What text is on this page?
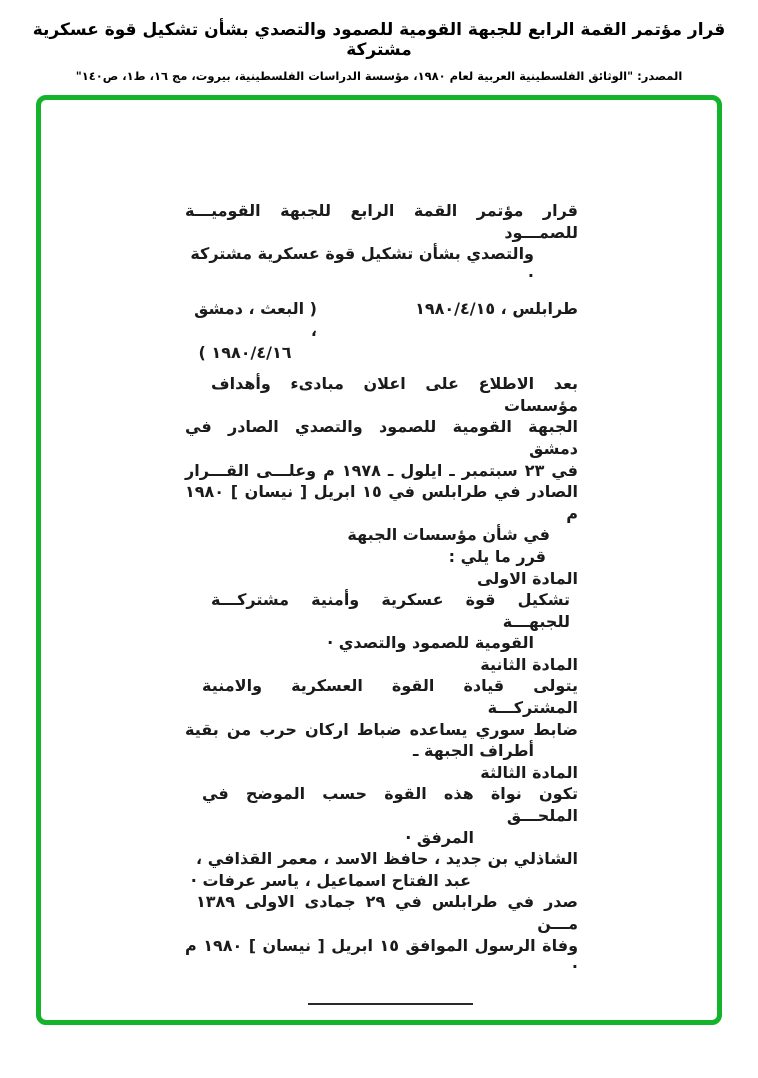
قرار مؤتمر القمة الرابع للجبهة القومية للصمود والتصدي بشأن تشكيل قوة عسكرية مشتركة
المصدر: "الوثائق الفلسطينية العربية لعام ١٩٨٠، مؤسسة الدراسات الفلسطينية، بيروت، مج ١٦، ط١، ص١٤٠"
قرار مؤتمر القمة الرابع للجبهة القوميـــة للصمـــود
والتصدي بشأن تشكيل قوة عسكرية مشتركة ·
طرابلس ، ١٩٨٠/٤/١٥
( البعث ، دمشق ،
١٩٨٠/٤/١٦ )
بعد الاطلاع على اعلان مبادىء وأهداف مؤسسات
الجبهة القومية للصمود والتصدي الصادر في دمشق
في ٢٣ سبتمبر ـ ايلول ـ ١٩٧٨ م وعلـــى القـــرار
الصادر في طرابلس في ١٥ ابريل [ نيسان ] ١٩٨٠ م
في شأن مؤسسات الجبهة
قرر ما يلي :
المادة الاولى
تشكيل قوة عسكرية وأمنية مشتركـــة للجبهـــة
القومية للصمود والتصدي ·
المادة الثانية
يتولى قيادة القوة العسكرية والامنية المشتركـــة
ضابط سوري يساعده ضباط اركان حرب من بقية
أطراف الجبهة ـ
المادة الثالثة
تكون نواة هذه القوة حسب الموضح في الملحـــق
المرفق ·
الشاذلي بن جديد ، حافظ الاسد ، معمر القذافي ،
عبد الفتاح اسماعيل ، ياسر عرفات ·
صدر في طرابلس في ٢٩ جمادى الاولى ١٣٨٩ مـــن
وفاة الرسول الموافق ١٥ ابريل [ نيسان ] ١٩٨٠ م ·
